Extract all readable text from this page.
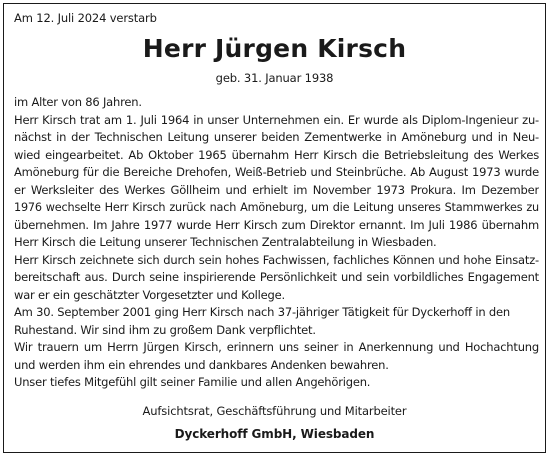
Am 12. Juli 2024 verstarb
Herr Jürgen Kirsch
geb. 31. Januar 1938
im Alter von 86 Jahren.
Herr Kirsch trat am 1. Juli 1964 in unser Unternehmen ein. Er wurde als Diplom-Ingenieur zu-
nächst in der Technischen Leitung unserer beiden Zementwerke in Amöneburg und in Neu-
wied eingearbeitet. Ab Oktober 1965 übernahm Herr Kirsch die Betriebsleitung des Werkes
Amöneburg für die Bereiche Drehofen, Weiß-Betrieb und Steinbrüche. Ab August 1973 wurde
er Werksleiter des Werkes Göllheim und erhielt im November 1973 Prokura. Im Dezember
1976 wechselte Herr Kirsch zurück nach Amöneburg, um die Leitung unseres Stammwerkes zu
übernehmen. Im Jahre 1977 wurde Herr Kirsch zum Direktor ernannt. Im Juli 1986 übernahm
Herr Kirsch die Leitung unserer Technischen Zentralabteilung in Wiesbaden.
Herr Kirsch zeichnete sich durch sein hohes Fachwissen, fachliches Können und hohe Einsatz-
bereitschaft aus. Durch seine inspirierende Persönlichkeit und sein vorbildliches Engagement
war er ein geschätzter Vorgesetzter und Kollege.
Am 30. September 2001 ging Herr Kirsch nach 37-jähriger Tätigkeit für Dyckerhoff in den
Ruhestand. Wir sind ihm zu großem Dank verpflichtet.
Wir trauern um Herrn Jürgen Kirsch, erinnern uns seiner in Anerkennung und Hochachtung
und werden ihm ein ehrendes und dankbares Andenken bewahren.
Unser tiefes Mitgefühl gilt seiner Familie und allen Angehörigen.
Aufsichtsrat, Geschäftsführung und Mitarbeiter
Dyckerhoff GmbH, Wiesbaden
